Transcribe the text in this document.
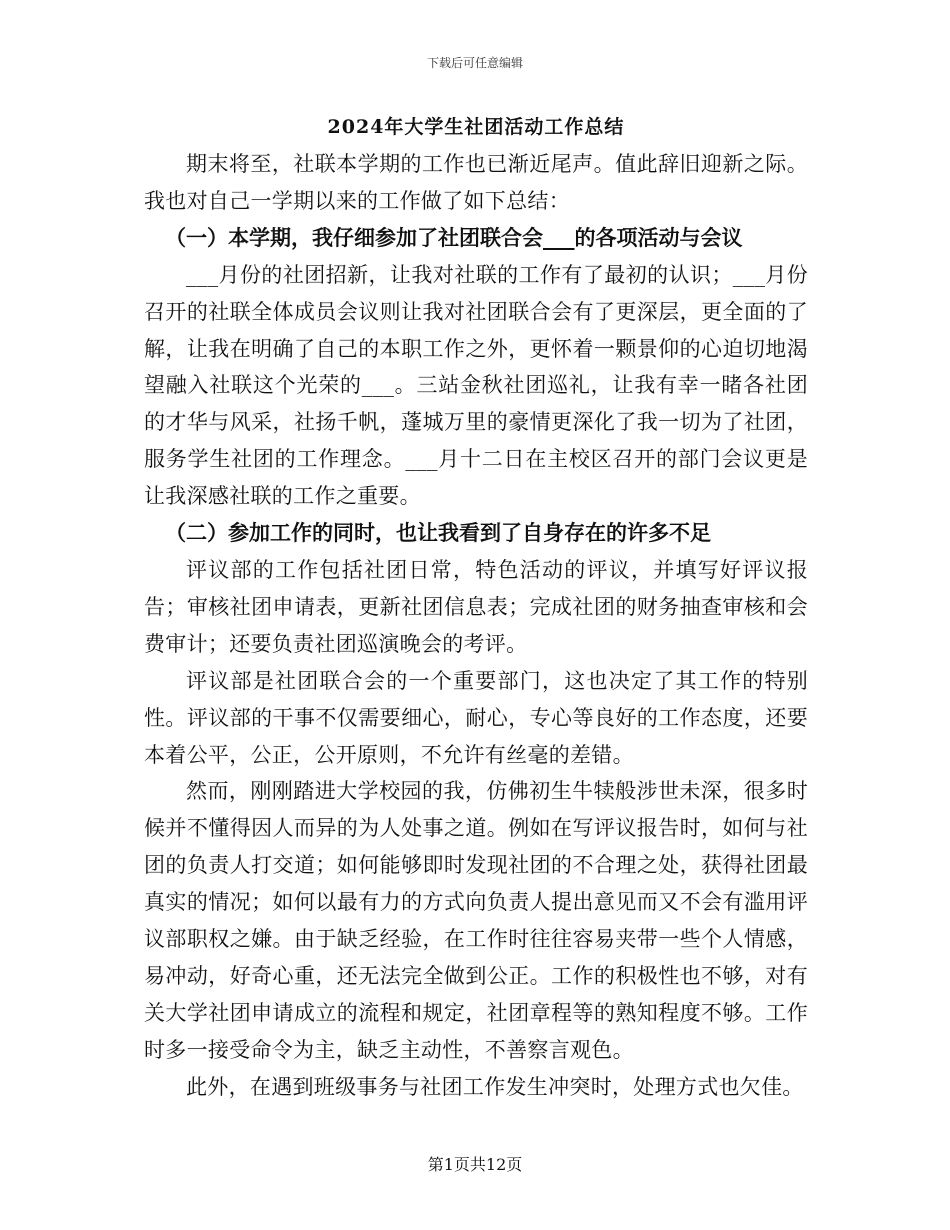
下载后可任意编辑
2024年大学生社团活动工作总结

期末将至，社联本学期的工作也已渐近尾声。值此辞旧迎新之际。我也对自己一学期以来的工作做了如下总结：

（一）本学期，我仔细参加了社团联合会___的各项活动与会议

___月份的社团招新，让我对社联的工作有了最初的认识；___月份召开的社联全体成员会议则让我对社团联合会有了更深层，更全面的了解，让我在明确了自己的本职工作之外，更怀着一颗景仰的心迫切地渴望融入社联这个光荣的___。三站金秋社团巡礼，让我有幸一睹各社团的才华与风采，社扬千帆，蓬城万里的豪情更深化了我一切为了社团，服务学生社团的工作理念。___月十二日在主校区召开的部门会议更是让我深感社联的工作之重要。

（二）参加工作的同时，也让我看到了自身存在的许多不足

评议部的工作包括社团日常，特色活动的评议，并填写好评议报告；审核社团申请表，更新社团信息表；完成社团的财务抽查审核和会费审计；还要负责社团巡演晚会的考评。

评议部是社团联合会的一个重要部门，这也决定了其工作的特别性。评议部的干事不仅需要细心，耐心，专心等良好的工作态度，还要本着公平，公正，公开原则，不允许有丝毫的差错。

然而，刚刚踏进大学校园的我，仿佛初生牛犊般涉世未深，很多时候并不懂得因人而异的为人处事之道。例如在写评议报告时，如何与社团的负责人打交道；如何能够即时发现社团的不合理之处，获得社团最真实的情况；如何以最有力的方式向负责人提出意见而又不会有滥用评议部职权之嫌。由于缺乏经验，在工作时往往容易夹带一些个人情感，易冲动，好奇心重，还无法完全做到公正。工作的积极性也不够，对有关大学社团申请成立的流程和规定，社团章程等的熟知程度不够。工作时多一接受命令为主，缺乏主动性，不善察言观色。

此外，在遇到班级事务与社团工作发生冲突时，处理方式也欠佳。

第1页共12页
